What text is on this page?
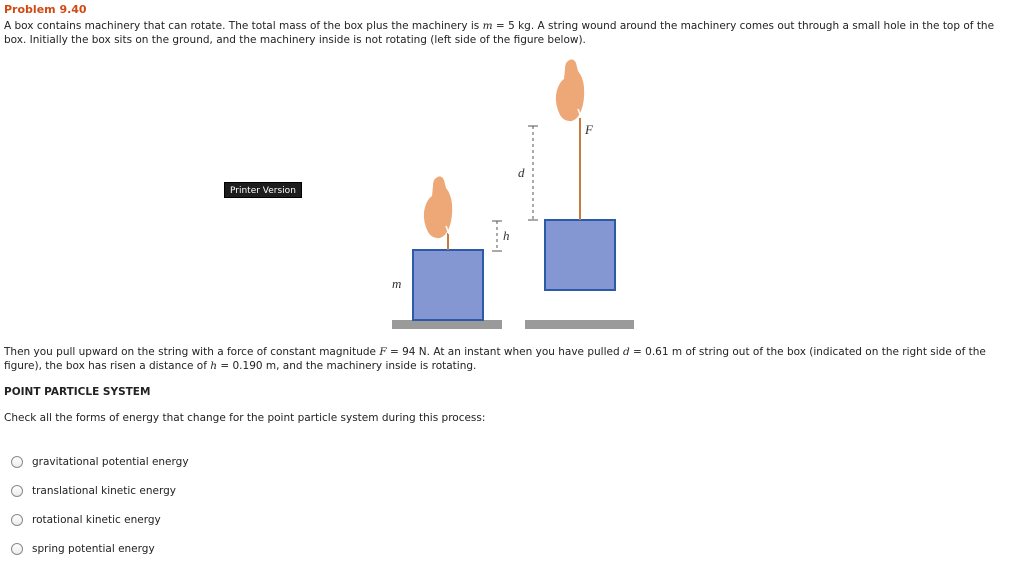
Problem 9.40
A box contains machinery that can rotate. The total mass of the box plus the machinery is m = 5 kg. A string wound around the machinery comes out through a small hole in the top of the box. Initially the box sits on the ground, and the machinery inside is not rotating (left side of the figure below).
Printer Version
m
h
d
F
Then you pull upward on the string with a force of constant magnitude F = 94 N. At an instant when you have pulled d = 0.61 m of string out of the box (indicated on the right side of the figure), the box has risen a distance of h = 0.190 m, and the machinery inside is rotating.
POINT PARTICLE SYSTEM
Check all the forms of energy that change for the point particle system during this process:
gravitational potential energy
translational kinetic energy
rotational kinetic energy
spring potential energy
